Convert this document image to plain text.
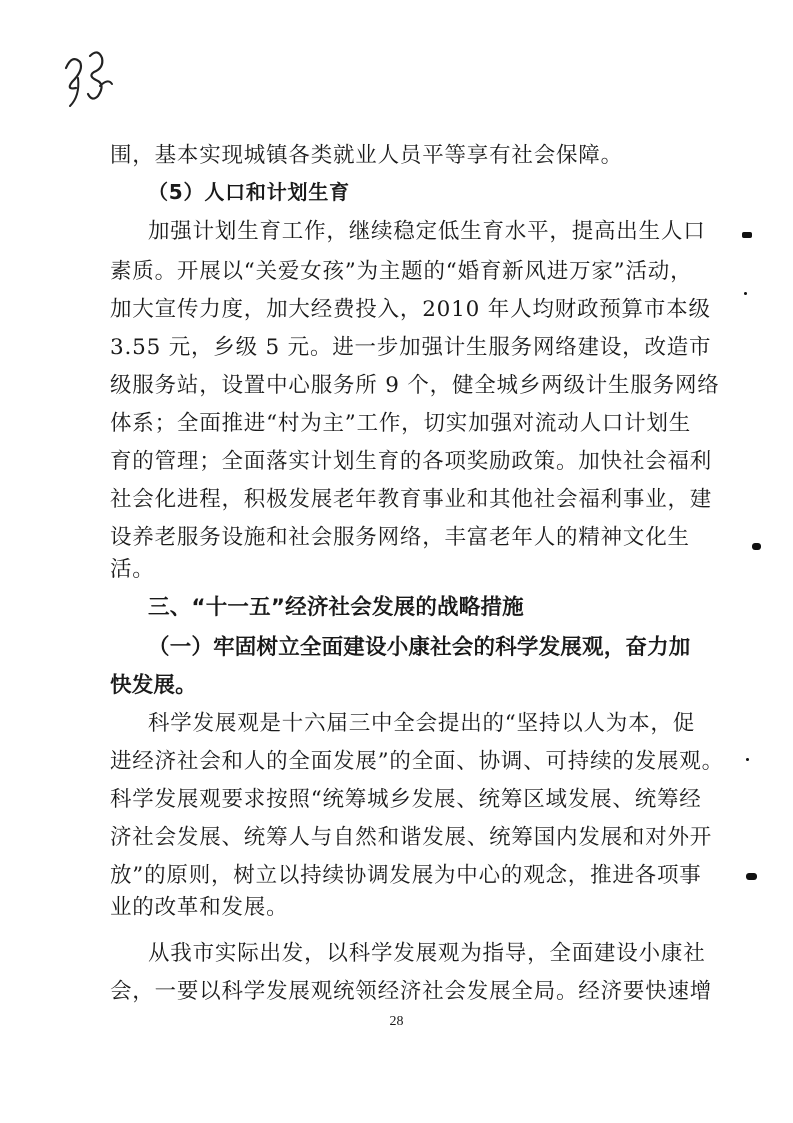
围，基本实现城镇各类就业人员平等享有社会保障。
（5）人口和计划生育
加强计划生育工作，继续稳定低生育水平，提高出生人口
素质。开展以“关爱女孩”为主题的“婚育新风进万家”活动，
加大宣传力度，加大经费投入，2010 年人均财政预算市本级
3.55 元，乡级 5 元。进一步加强计生服务网络建设，改造市
级服务站，设置中心服务所 9 个，健全城乡两级计生服务网络
体系；全面推进“村为主”工作，切实加强对流动人口计划生
育的管理；全面落实计划生育的各项奖励政策。加快社会福利
社会化进程，积极发展老年教育事业和其他社会福利事业，建
设养老服务设施和社会服务网络，丰富老年人的精神文化生
活。
三、“十一五”经济社会发展的战略措施
（一）牢固树立全面建设小康社会的科学发展观，奋力加
快发展。
科学发展观是十六届三中全会提出的“坚持以人为本，促
进经济社会和人的全面发展”的全面、协调、可持续的发展观。
科学发展观要求按照“统筹城乡发展、统筹区域发展、统筹经
济社会发展、统筹人与自然和谐发展、统筹国内发展和对外开
放”的原则，树立以持续协调发展为中心的观念，推进各项事
业的改革和发展。
从我市实际出发，以科学发展观为指导，全面建设小康社
会，一要以科学发展观统领经济社会发展全局。经济要快速增
28
